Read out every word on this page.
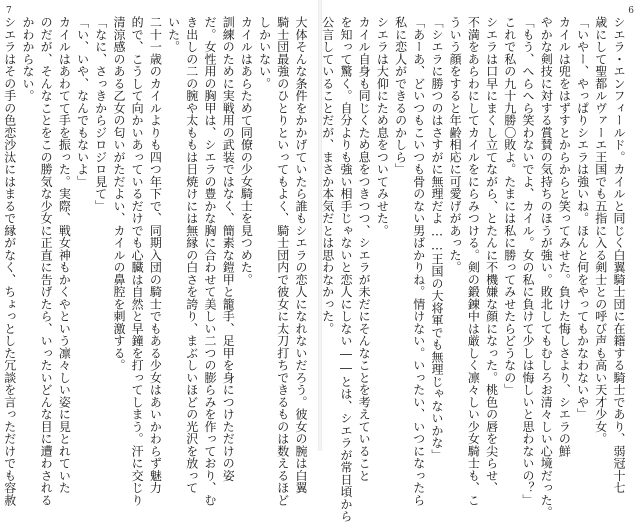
7
大体そんな条件をかかげていたら誰もシエラの恋人になれないだろう。彼女の腕は白翼
騎士団最強のひとりといってもよく、騎士団内で彼女に太刀打ちできるものは数えるほど
しかいない。
カイルはあらためて同僚の少女騎士を見つめた。
訓練のために実戦用の武装ではなく、簡素な鎧甲と籠手、足甲を身につけただけの姿
だ。女性用の胸甲は、シエラの豊かな胸に合わせて美しい二つの膨らみを作っており、む
き出しの二の腕や太ももは日焼けには無縁の白さを誇り、まぶしいほどの光沢を放って
いた。
二十一歳のカイルよりも四つ年下で、同期入団の騎士でもある少女はあいかわらず魅力
的で、こうして向かいあっているだけでも心臓は自然と早鐘を打ってしまう。汗に交じり
清涼感のある乙女の匂いがただよい、カイルの鼻腔を刺激する。
「なに、さっきからジロジロ見て」
「い、いや、なんでもないよ」
カイルはあわてて手を振った。実際、戦女神もかくやという凛々しい姿に見とれていた
のだが、そんなことをこの勝気な少女に正直に告げたら、いったいどんな目に遭わされる
かわからない。
シエラはその手の色恋沙汰にはまるで縁がなく、ちょっとした冗談を言っただけでも容赦
6
シエラ・エンフィールド。カイルと同じく白翼騎士団に在籍する騎士であり、弱冠十七
歳にして聖都ルヴァーエ王国でも五指に入る剣士との呼び声も高い天才少女。
「いやー、やっぱりシエラは強いね。ほんと何をやってもかなわないや」
カイルは兜をはずすとからからと笑ってみせた。負けた悔しさより、シエラの鮮
やかな剣技に対する賞賛の気持ちのほうが強い。敗北してもむしろお清々しい心境だった。
「もう、へらへら笑わないでよ、カイル。女の私に負けて少しは悔しいと思わないの？」
これで私の九十九勝〇敗よ。たまには私に勝ってみせたらどうなの」
シエラは口早にまくし立てながら、とたんに不機嫌な顔になった。桃色の唇を尖らせ、
不満をあらわにしてカイルをにらみつける。剣の鍛錬中は厳しく凛々しい少女騎士も、こ
ういう顔をすると年齢相応に可愛げがあった。
「シエラに勝つのはさすがに無理だよ……王国の大将軍でも無理じゃないかな」
「あーあ、どいつもこいつも骨のない男ばかりね。情けない。いったい、いつになったら
私に恋人ができるのかしら」
シエラは大仰にため息をついてみせた。
カイル自身も同じくため息をつきつつ、シエラが未だにそんなことを考えていること
を知って驚く。自分よりも強い相手じゃないと恋人にしない――とは、シエラが常日頃から
公言していることだが、まさか本気だとは思わなかった。
